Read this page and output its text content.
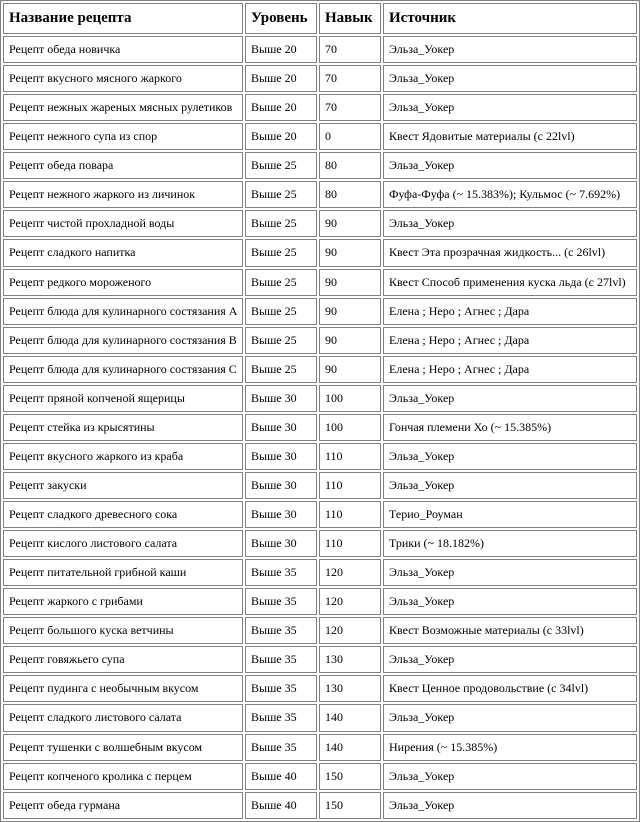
Название рецепта	Уровень	Навык	Источник
Рецепт обеда новичка	Выше 20	70	Эльза_Уокер
Рецепт вкусного мясного жаркого	Выше 20	70	Эльза_Уокер
Рецепт нежных жареных мясных рулетиков	Выше 20	70	Эльза_Уокер
Рецепт нежного супа из спор	Выше 20	0	Квест Ядовитые материалы (с 22lvl)
Рецепт обеда повара	Выше 25	80	Эльза_Уокер
Рецепт нежного жаркого из личинок	Выше 25	80	Фуфа-Фуфа (~ 15.383%); Кульмос (~ 7.692%)
Рецепт чистой прохладной воды	Выше 25	90	Эльза_Уокер
Рецепт сладкого напитка	Выше 25	90	Квест Эта прозрачная жидкость... (с 26lvl)
Рецепт редкого мороженого	Выше 25	90	Квест Способ применения куска льда (с 27lvl)
Рецепт блюда для кулинарного состязания A	Выше 25	90	Елена ; Неро ; Агнес ; Дара
Рецепт блюда для кулинарного состязания B	Выше 25	90	Елена ; Неро ; Агнес ; Дара
Рецепт блюда для кулинарного состязания C	Выше 25	90	Елена ; Неро ; Агнес ; Дара
Рецепт пряной копченой ящерицы	Выше 30	100	Эльза_Уокер
Рецепт стейка из крысятины	Выше 30	100	Гончая племени Хо (~ 15.385%)
Рецепт вкусного жаркого из краба	Выше 30	110	Эльза_Уокер
Рецепт закуски	Выше 30	110	Эльза_Уокер
Рецепт сладкого древесного сока	Выше 30	110	Терио_Роуман
Рецепт кислого листового салата	Выше 30	110	Трики (~ 18.182%)
Рецепт питательной грибной каши	Выше 35	120	Эльза_Уокер
Рецепт жаркого с грибами	Выше 35	120	Эльза_Уокер
Рецепт большого куска ветчины	Выше 35	120	Квест Возможные материалы (с 33lvl)
Рецепт говяжьего супа	Выше 35	130	Эльза_Уокер
Рецепт пудинга с необычным вкусом	Выше 35	130	Квест Ценное продовольствие (с 34lvl)
Рецепт сладкого листового салата	Выше 35	140	Эльза_Уокер
Рецепт тушенки с волшебным вкусом	Выше 35	140	Нирения (~ 15.385%)
Рецепт копченого кролика с перцем	Выше 40	150	Эльза_Уокер
Рецепт обеда гурмана	Выше 40	150	Эльза_Уокер
